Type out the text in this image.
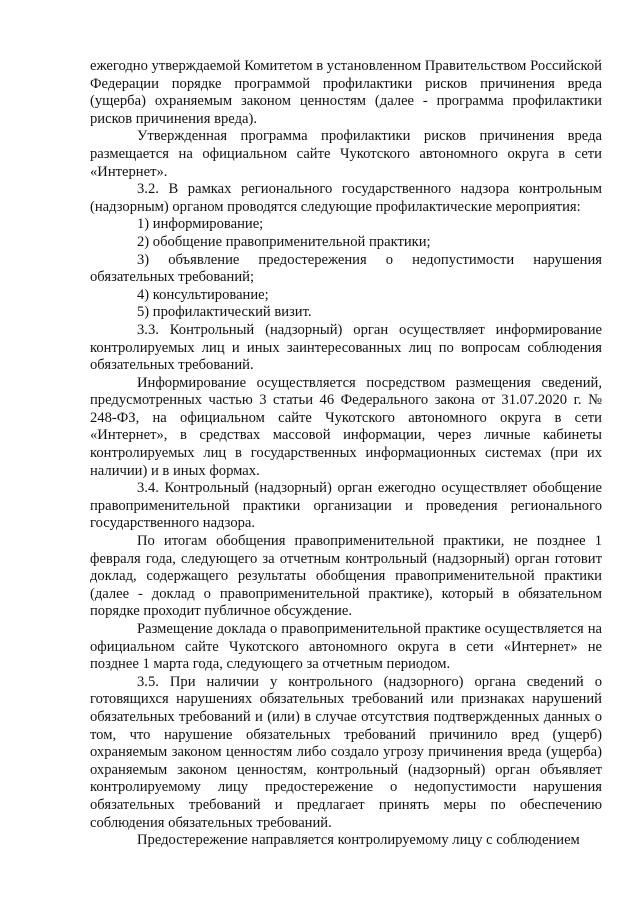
ежегодно утверждаемой Комитетом в установленном Правительством Российской Федерации порядке программой профилактики рисков причинения вреда (ущерба) охраняемым законом ценностям (далее - программа профилактики рисков причинения вреда).

Утвержденная программа профилактики рисков причинения вреда размещается на официальном сайте Чукотского автономного округа в сети «Интернет».

3.2. В рамках регионального государственного надзора контрольным (надзорным) органом проводятся следующие профилактические мероприятия:

1) информирование;

2) обобщение правоприменительной практики;

3) объявление предостережения о недопустимости нарушения обязательных требований;

4) консультирование;

5) профилактический визит.

3.3. Контрольный (надзорный) орган осуществляет информирование контролируемых лиц и иных заинтересованных лиц по вопросам соблюдения обязательных требований.

Информирование осуществляется посредством размещения сведений, предусмотренных частью 3 статьи 46 Федерального закона от 31.07.2020 г. № 248-ФЗ, на официальном сайте Чукотского автономного округа в сети «Интернет», в средствах массовой информации, через личные кабинеты контролируемых лиц в государственных информационных системах (при их наличии) и в иных формах.

3.4. Контрольный (надзорный) орган ежегодно осуществляет обобщение правоприменительной практики организации и проведения регионального государственного надзора.

По итогам обобщения правоприменительной практики, не позднее 1 февраля года, следующего за отчетным контрольный (надзорный) орган готовит доклад, содержащего результаты обобщения правоприменительной практики (далее - доклад о правоприменительной практике), который в обязательном порядке проходит публичное обсуждение.

Размещение доклада о правоприменительной практике осуществляется на официальном сайте Чукотского автономного округа в сети «Интернет» не позднее 1 марта года, следующего за отчетным периодом.

3.5. При наличии у контрольного (надзорного) органа сведений о готовящихся нарушениях обязательных требований или признаках нарушений обязательных требований и (или) в случае отсутствия подтвержденных данных о том, что нарушение обязательных требований причинило вред (ущерб) охраняемым законом ценностям либо создало угрозу причинения вреда (ущерба) охраняемым законом ценностям, контрольный (надзорный) орган объявляет контролируемому лицу предостережение о недопустимости нарушения обязательных требований и предлагает принять меры по обеспечению соблюдения обязательных требований.

Предостережение направляется контролируемому лицу с соблюдением
